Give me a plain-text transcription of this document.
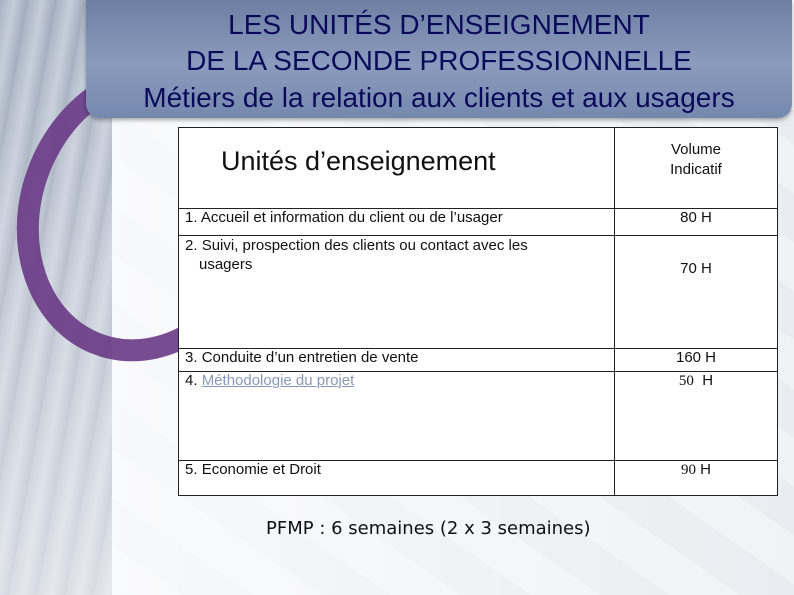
LES UNITÉS D’ENSEIGNEMENT
DE LA SECONDE PROFESSIONNELLE
Métiers de la relation aux clients et aux usagers
Unités d’enseignement	Volume
Indicatif
1. Accueil et information du client ou de l’usager	80 H

2. Suivi, prospection des clients ou contact avec les
usagers	70 H
3. Conduite d’un entretien de vente	160 H
4. Méthodologie du projet	50 H
5. Economie et Droit	90 H
PFMP : 6 semaines (2 x 3 semaines)
